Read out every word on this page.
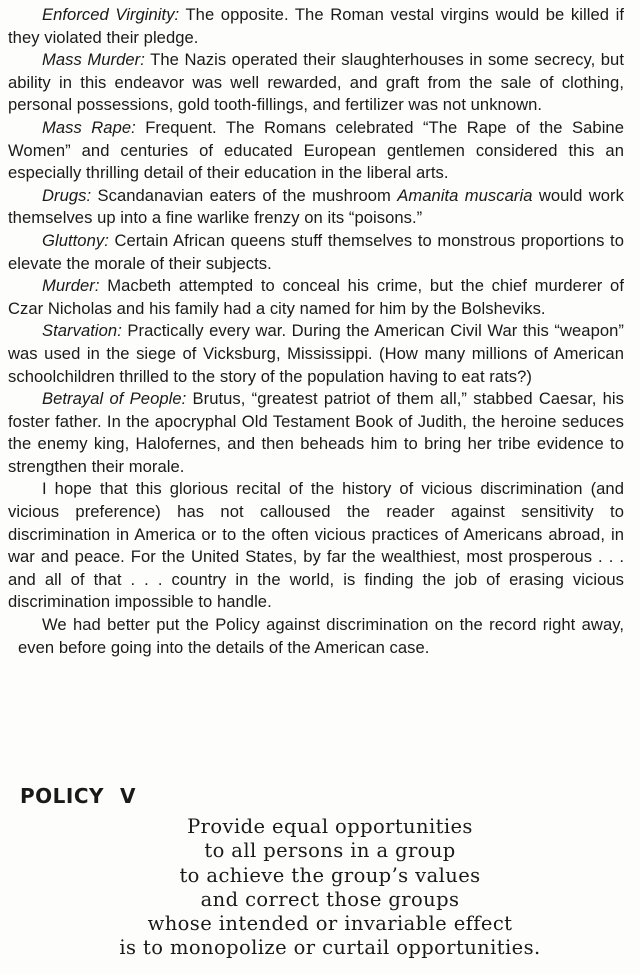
Enforced Virginity: The opposite. The Roman vestal virgins would be killed if they violated their pledge.

Mass Murder: The Nazis operated their slaughterhouses in some secrecy, but ability in this endeavor was well rewarded, and graft from the sale of clothing, personal possessions, gold tooth-fillings, and fertilizer was not unknown.

Mass Rape: Frequent. The Romans celebrated “The Rape of the Sabine Women” and centuries of educated European gentlemen considered this an especially thrilling detail of their education in the liberal arts.

Drugs: Scandanavian eaters of the mushroom Amanita muscaria would work themselves up into a fine warlike frenzy on its “poisons.”

Gluttony: Certain African queens stuff themselves to monstrous proportions to elevate the morale of their subjects.

Murder: Macbeth attempted to conceal his crime, but the chief murderer of Czar Nicholas and his family had a city named for him by the Bolsheviks.

Starvation: Practically every war. During the American Civil War this “weapon” was used in the siege of Vicksburg, Mississippi. (How many millions of American schoolchildren thrilled to the story of the population having to eat rats?)

Betrayal of People: Brutus, “greatest patriot of them all,” stabbed Caesar, his foster father. In the apocryphal Old Testament Book of Judith, the heroine seduces the enemy king, Halofernes, and then beheads him to bring her tribe evidence to strengthen their morale.

I hope that this glorious recital of the history of vicious discrimination (and vicious preference) has not calloused the reader against sensitivity to discrimination in America or to the often vicious practices of Americans abroad, in war and peace. For the United States, by far the wealthiest, most prosperous . . . and all of that . . . country in the world, is finding the job of erasing vicious discrimination impossible to handle.

We had better put the Policy against discrimination on the record right away, even before going into the details of the American case.

POLICY V

Provide equal opportunities
to all persons in a group
to achieve the group’s values
and correct those groups
whose intended or invariable effect
is to monopolize or curtail opportunities.
